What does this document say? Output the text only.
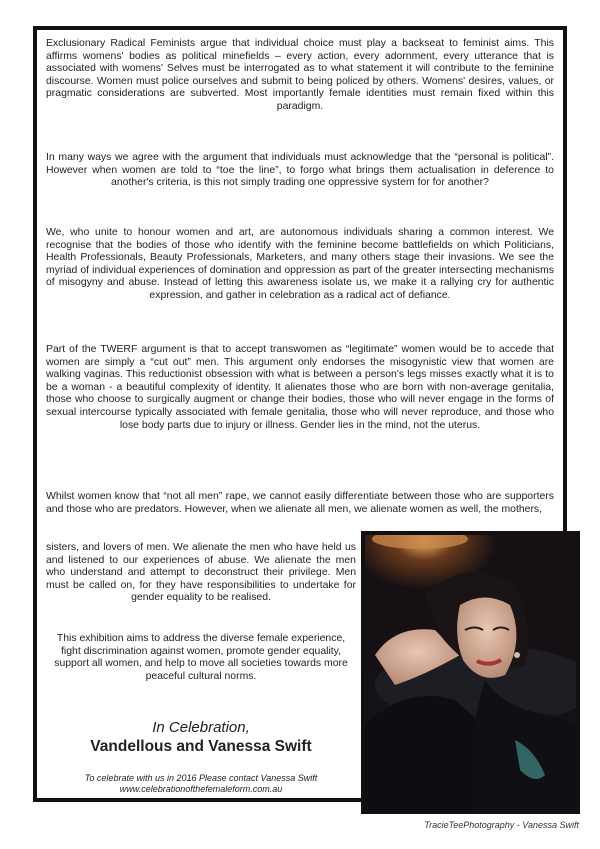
Exclusionary Radical Feminists argue that individual choice must play a backseat to feminist aims. This affirms womens' bodies as political minefields – every action, every adornment, every utterance that is associated with womens' Selves must be interrogated as to what statement it will contribute to the feminine discourse. Women must police ourselves and submit to being policed by others. Womens' desires, values, or pragmatic considerations are subverted. Most importantly female identities must remain fixed within this paradigm.

In many ways we agree with the argument that individuals must acknowledge that the “personal is political”. However when women are told to “toe the line”, to forgo what brings them actualisation in deference to another's criteria, is this not simply trading one oppressive system for for another?

We, who unite to honour women and art, are autonomous individuals sharing a common interest. We recognise that the bodies of those who identify with the feminine become battlefields on which Politicians, Health Professionals, Beauty Professionals, Marketers, and many others stage their invasions. We see the myriad of individual experiences of domination and oppression as part of the greater intersecting mechanisms of misogyny and abuse. Instead of letting this awareness isolate us, we make it a rallying cry for authentic expression, and gather in celebration as a radical act of defiance.

Part of the TWERF argument is that to accept transwomen as “legitimate” women would be to accede that women are simply a “cut out” men. This argument only endorses the misogynistic view that women are walking vaginas. This reductionist obsession with what is between a person's legs misses exactly what it is to be a woman - a beautiful complexity of identity. It alienates those who are born with non-average genitalia, those who choose to surgically augment or change their bodies, those who will never engage in the forms of sexual intercourse typically associated with female genitalia, those who will never reproduce, and those who lose body parts due to injury or illness. Gender lies in the mind, not the uterus.

Whilst women know that “not all men” rape, we cannot easily differentiate between those who are supporters and those who are predators. However, when we alienate all men, we alienate women as well, the mothers,

sisters, and lovers of men. We alienate the men who have held us and listened to our experiences of abuse. We alienate the men who understand and attempt to deconstruct their privilege. Men must be called on, for they have responsibilities to undertake for gender equality to be realised.

This exhibition aims to address the diverse female experience, fight discrimination against women, promote gender equality, support all women, and help to move all societies towards more peaceful cultural norms.

In Celebration,
Vandellous and Vanessa Swift
To celebrate with us in 2016 Please contact Vanessa Swift
www.celebrationofthefemaleform.com.au
TracieTeePhotography - Vanessa Swift
